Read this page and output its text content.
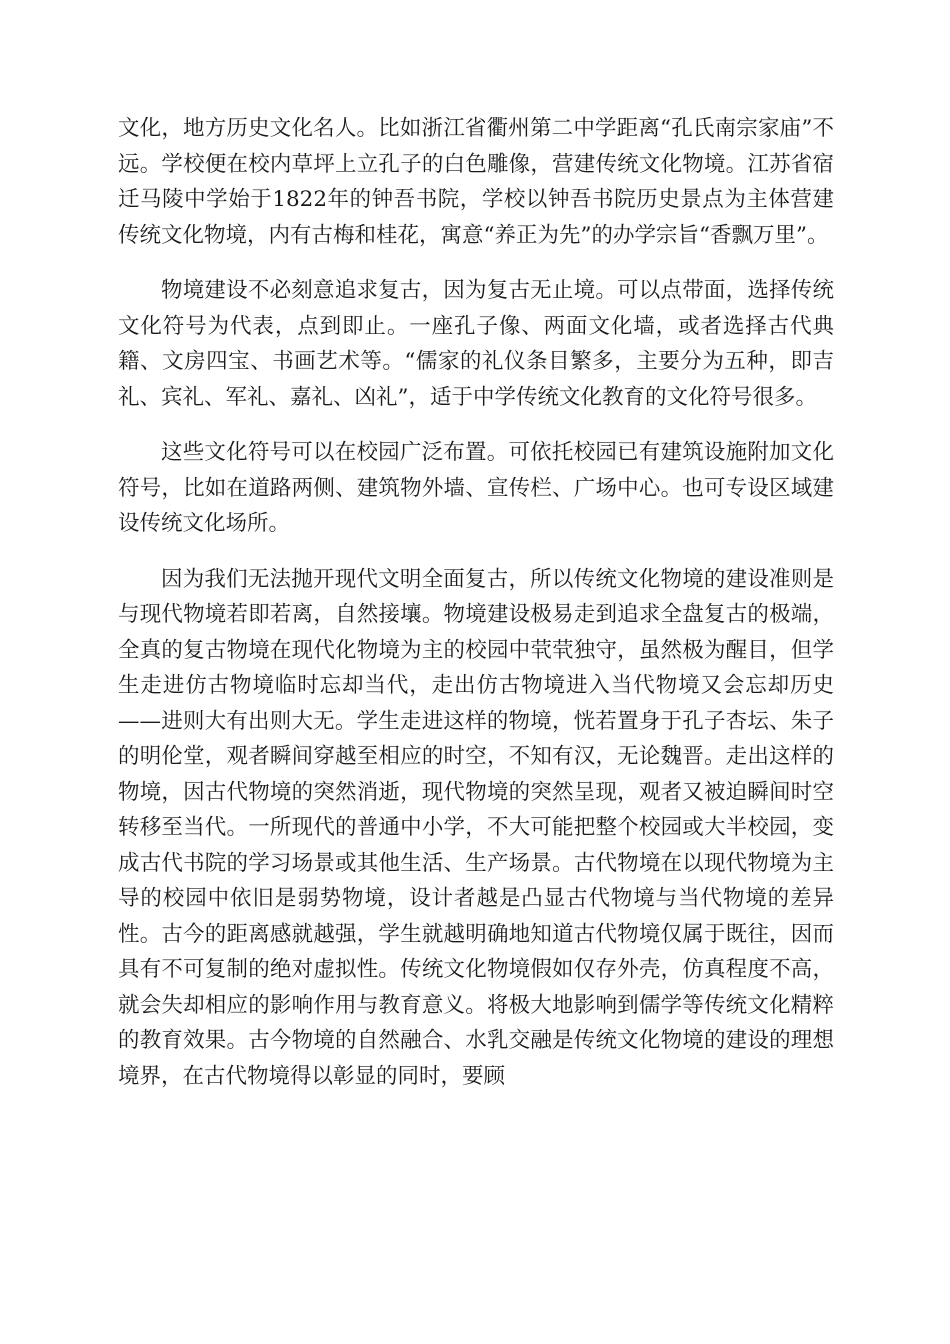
文化，地方历史文化名人。比如浙江省衢州第二中学距离“孔氏南宗家庙”不远。学校便在校内草坪上立孔子的白色雕像，营建传统文化物境。江苏省宿迁马陵中学始于1822年的钟吾书院，学校以钟吾书院历史景点为主体营建传统文化物境，内有古梅和桂花，寓意“养正为先”的办学宗旨“香飘万里”。

物境建设不必刻意追求复古，因为复古无止境。可以点带面，选择传统文化符号为代表，点到即止。一座孔子像、两面文化墙，或者选择古代典籍、文房四宝、书画艺术等。“儒家的礼仪条目繁多，主要分为五种，即吉礼、宾礼、军礼、嘉礼、凶礼”，适于中学传统文化教育的文化符号很多。

这些文化符号可以在校园广泛布置。可依托校园已有建筑设施附加文化符号，比如在道路两侧、建筑物外墙、宣传栏、广场中心。也可专设区域建设传统文化场所。

因为我们无法抛开现代文明全面复古，所以传统文化物境的建设准则是与现代物境若即若离，自然接壤。物境建设极易走到追求全盘复古的极端，全真的复古物境在现代化物境为主的校园中茕茕独守，虽然极为醒目，但学生走进仿古物境临时忘却当代，走出仿古物境进入当代物境又会忘却历史——进则大有出则大无。学生走进这样的物境，恍若置身于孔子杏坛、朱子的明伦堂，观者瞬间穿越至相应的时空，不知有汉，无论魏晋。走出这样的物境，因古代物境的突然消逝，现代物境的突然呈现，观者又被迫瞬间时空转移至当代。一所现代的普通中小学，不大可能把整个校园或大半校园，变成古代书院的学习场景或其他生活、生产场景。古代物境在以现代物境为主导的校园中依旧是弱势物境，设计者越是凸显古代物境与当代物境的差异性。古今的距离感就越强，学生就越明确地知道古代物境仅属于既往，因而具有不可复制的绝对虚拟性。传统文化物境假如仅存外壳，仿真程度不高，就会失却相应的影响作用与教育意义。将极大地影响到儒学等传统文化精粹的教育效果。古今物境的自然融合、水乳交融是传统文化物境的建设的理想境界，在古代物境得以彰显的同时，要顾
